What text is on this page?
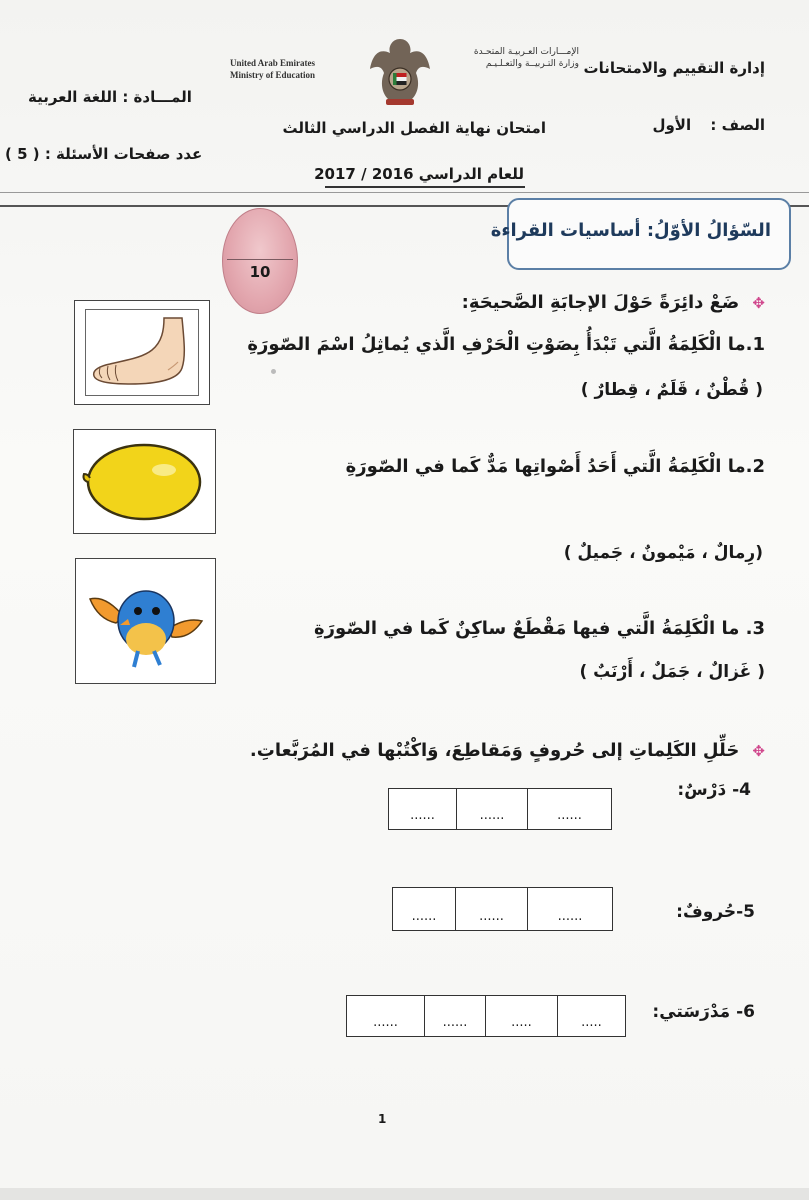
إدارة التقييم والامتحانات
المـــادة : اللغة العربية
United Arab Emirates
Ministry of Education
الإمـــارات العـربيـة المتحـدة
وزارة التـربيــة والتعـلـيـم
الصف : الأول
امتحان نهاية الفصل الدراسي الثالث
عدد صفحات الأسئلة : ( 5 )
للعام الدراسي 2016 / 2017
السّؤالُ الأوّلُ: أساسيات القراءة
10
✥ ضَعْ دائِرَةً حَوْلَ الإجابَةِ الصَّحيحَةِ:
1.ما الْكَلِمَةُ الَّتي تَبْدَأُ بِصَوْتِ الْحَرْفِ الَّذي يُماثِلُ اسْمَ الصّورَةِ
( قُطْنٌ ، قَلَمٌ ، قِطارٌ )
2.ما الْكَلِمَةُ الَّتي أَحَدُ أَصْواتِها مَدٌّ كَما في الصّورَةِ
(رِمالٌ ، مَيْمونٌ ، جَميلٌ )
3. ما الْكَلِمَةُ الَّتي فيها مَقْطَعٌ ساكِنٌ كَما في الصّورَةِ
( غَزالٌ ، جَمَلٌ ، أَرْنَبٌ )
✥ حَلِّلِ الكَلِماتِ إلى حُروفٍ وَمَقاطِعَ، وَاكْتُبْها في المُرَبَّعاتِ.
4- دَرْسٌ:
......	......	......
5-حُروفٌ:
......	......	......
6- مَدْرَسَتي:
......	......	.....	.....
1
